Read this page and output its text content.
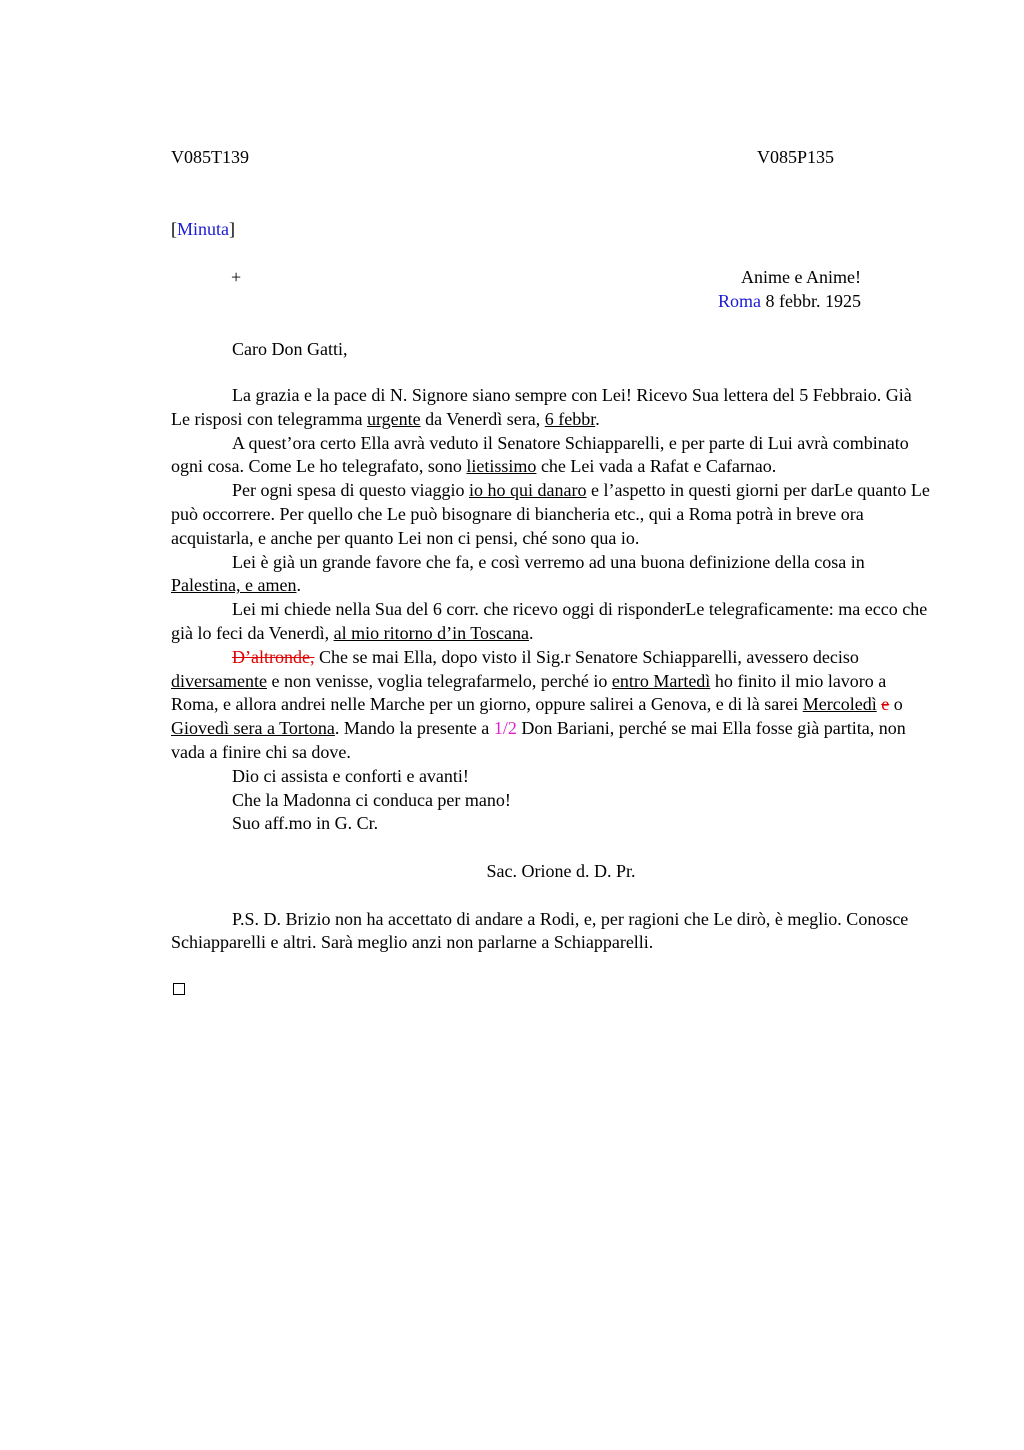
V085T139	V085P135
[Minuta]
+	Anime e Anime!
Roma 8 febbr. 1925
Caro Don Gatti,

La grazia e la pace di N. Signore siano sempre con Lei! Ricevo Sua lettera del 5 Febbraio. Già Le risposi con telegramma urgente da Venerdì sera, 6 febbr.

A quest’ora certo Ella avrà veduto il Senatore Schiapparelli, e per parte di Lui avrà combinato ogni cosa. Come Le ho telegrafato, sono lietissimo che Lei vada a Rafat e Cafarnao.

Per ogni spesa di questo viaggio io ho qui danaro e l’aspetto in questi giorni per darLe quanto Le può occorrere. Per quello che Le può bisognare di biancheria etc., qui a Roma potrà in breve ora acquistarla, e anche per quanto Lei non ci pensi, ché sono qua io.

Lei è già un grande favore che fa, e così verremo ad una buona definizione della cosa in Palestina, e amen.

Lei mi chiede nella Sua del 6 corr. che ricevo oggi di risponderLe telegraficamente: ma ecco che già lo feci da Venerdì, al mio ritorno d’in Toscana.

D’altronde, Che se mai Ella, dopo visto il Sig.r Senatore Schiapparelli, avessero deciso diversamente e non venisse, voglia telegrafarmelo, perché io entro Martedì ho finito il mio lavoro a Roma, e allora andrei nelle Marche per un giorno, oppure salirei a Genova, e di là sarei Mercoledì e o Giovedì sera a Tortona. Mando la presente a 1/2 Don Bariani, perché se mai Ella fosse già partita, non vada a finire chi sa dove.

Dio ci assista e conforti e avanti!

Che la Madonna ci conduca per mano!

Suo aff.mo in G. Cr.

Sac. Orione d. D. Pr.

P.S. D. Brizio non ha accettato di andare a Rodi, e, per ragioni che Le dirò, è meglio. Conosce Schiapparelli e altri. Sarà meglio anzi non parlarne a Schiapparelli.
